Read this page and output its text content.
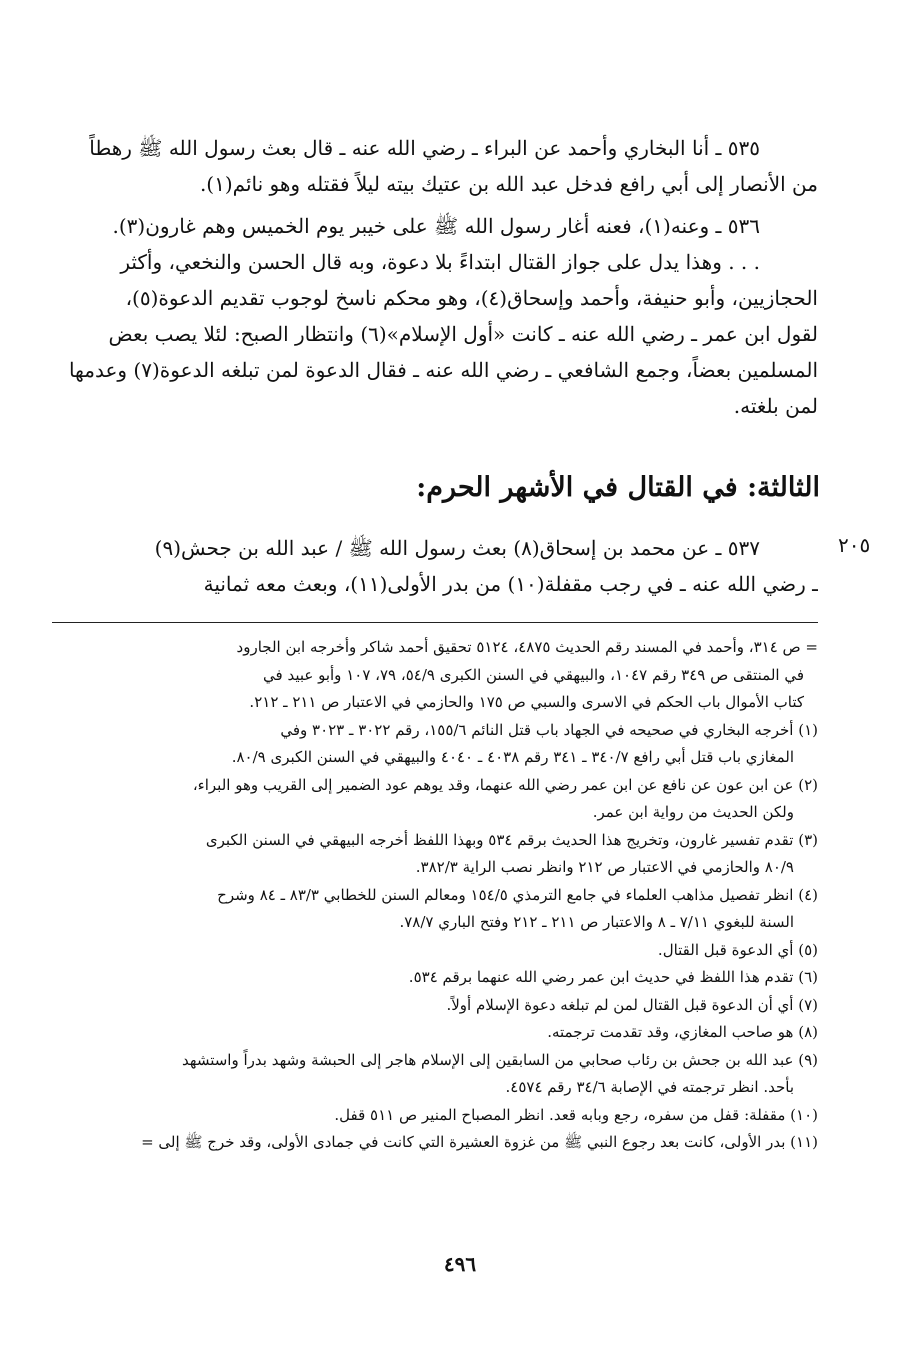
٥٣٥ ـ أنا البخاري وأحمد عن البراء ـ رضي الله عنه ـ قال بعث رسول الله ﷺ رهطاً
من الأنصار إلى أبي رافع فدخل عبد الله بن عتيك بيته ليلاً فقتله وهو نائم(١).
٥٣٦ ـ وعنه(١)، فعنه أغار رسول الله ﷺ على خيبر يوم الخميس وهم غارون(٣).
. . . وهذا يدل على جواز القتال ابتداءً بلا دعوة، وبه قال الحسن والنخعي، وأكثر
الحجازيين، وأبو حنيفة، وأحمد وإسحاق(٤)، وهو محكم ناسخ لوجوب تقديم الدعوة(٥)،
لقول ابن عمر ـ رضي الله عنه ـ كانت «أول الإسلام»(٦) وانتظار الصبح: لئلا يصب بعض
المسلمين بعضاً، وجمع الشافعي ـ رضي الله عنه ـ فقال الدعوة لمن تبلغه الدعوة(٧) وعدمها
لمن بلغته.
الثالثة: في القتال في الأشهر الحرم:
٥٣٧ ـ عن محمد بن إسحاق(٨) بعث رسول الله ﷺ / عبد الله بن جحش(٩)
ـ رضي الله عنه ـ في رجب مقفلة(١٠) من بدر الأولى(١١)، وبعث معه ثمانية
٢٠٥
= ص ٣١٤، وأحمد في المسند رقم الحديث ٤٨٧٥، ٥١٢٤ تحقيق أحمد شاكر وأخرجه ابن الجارود
في المنتقى ص ٣٤٩ رقم ١٠٤٧، والبيهقي في السنن الكبرى ٥٤/٩، ٧٩، ١٠٧ وأبو عبيد في
كتاب الأموال باب الحكم في الاسرى والسبي ص ١٧٥ والحازمي في الاعتبار ص ٢١١ ـ ٢١٢.
(١) أخرجه البخاري في صحيحه في الجهاد باب قتل النائم ١٥٥/٦، رقم ٣٠٢٢ ـ ٣٠٢٣ وفي
المغازي باب قتل أبي رافع ٣٤٠/٧ ـ ٣٤١ رقم ٤٠٣٨ ـ ٤٠٤٠ والبيهقي في السنن الكبرى ٨٠/٩.
(٢) عن ابن عون عن نافع عن ابن عمر رضي الله عنهما، وقد يوهم عود الضمير إلى القريب وهو البراء،
ولكن الحديث من رواية ابن عمر.
(٣) تقدم تفسير غارون، وتخريج هذا الحديث برقم ٥٣٤ وبهذا اللفظ أخرجه البيهقي في السنن الكبرى
٨٠/٩ والحازمي في الاعتبار ص ٢١٢ وانظر نصب الراية ٣٨٢/٣.
(٤) انظر تفصيل مذاهب العلماء في جامع الترمذي ١٥٤/٥ ومعالم السنن للخطابي ٨٣/٣ ـ ٨٤ وشرح
السنة للبغوي ٧/١١ ـ ٨ والاعتبار ص ٢١١ ـ ٢١٢ وفتح الباري ٧٨/٧.
(٥) أي الدعوة قبل القتال.
(٦) تقدم هذا اللفظ في حديث ابن عمر رضي الله عنهما برقم ٥٣٤.
(٧) أي أن الدعوة قبل القتال لمن لم تبلغه دعوة الإسلام أولاً.
(٨) هو صاحب المغازي، وقد تقدمت ترجمته.
(٩) عبد الله بن جحش بن رئاب صحابي من السابقين إلى الإسلام هاجر إلى الحبشة وشهد بدراً واستشهد
بأحد. انظر ترجمته في الإصابة ٣٤/٦ رقم ٤٥٧٤.
(١٠) مقفلة: قفل من سفره، رجع وبابه قعد. انظر المصباح المنير ص ٥١١ قفل.
(١١) بدر الأولى، كانت بعد رجوع النبي ﷺ من غزوة العشيرة التي كانت في جمادى الأولى، وقد خرج ﷺ إلى =
٤٩٦
